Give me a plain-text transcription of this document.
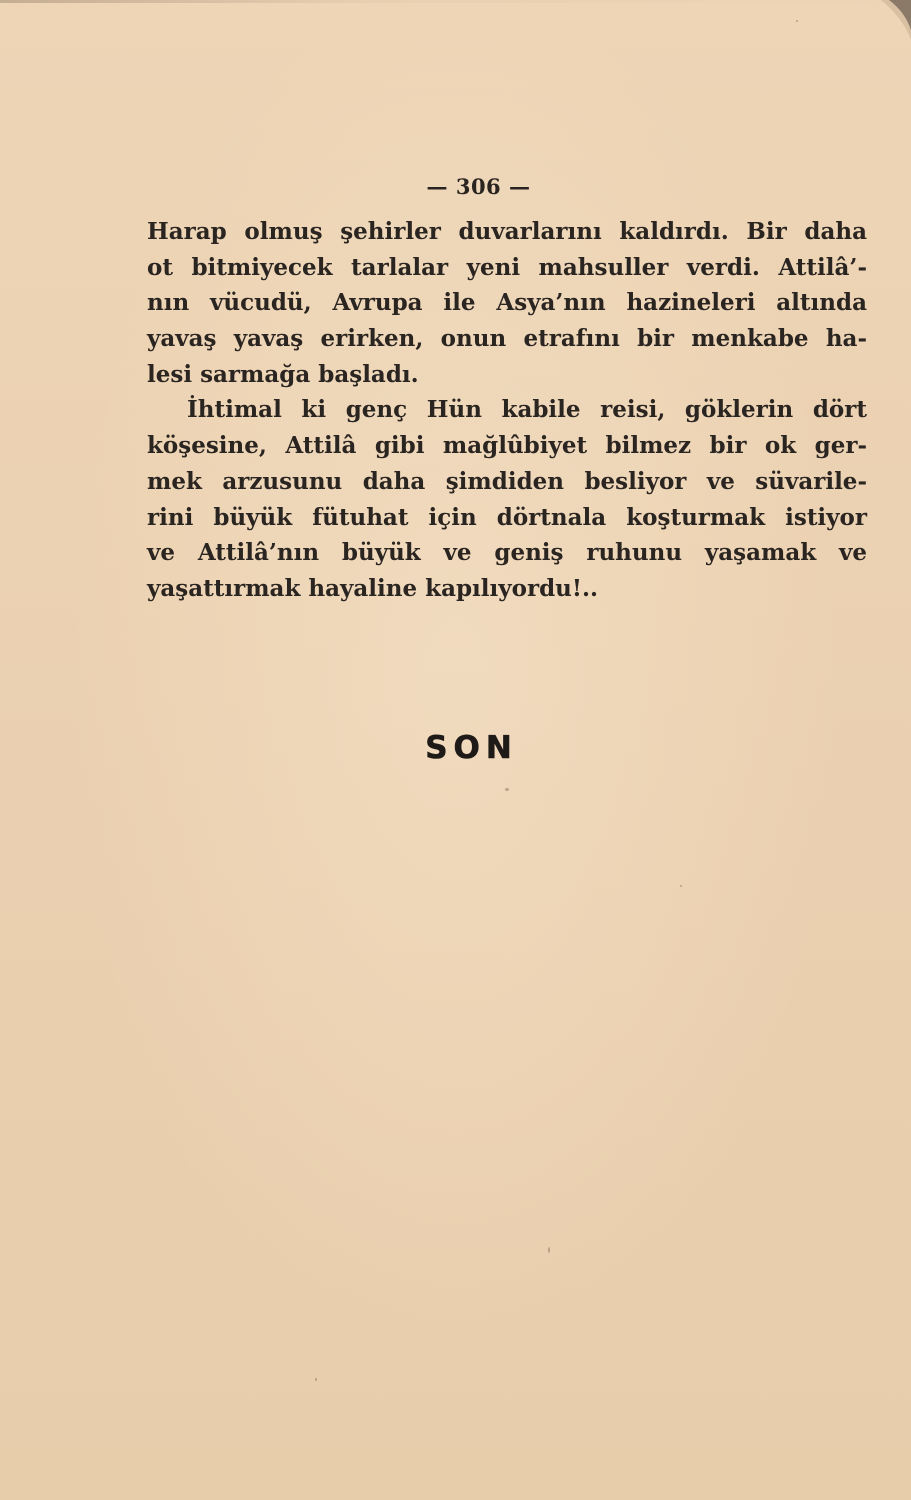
— 306 —
Harap olmuş şehirler duvarlarını kaldırdı. Bir daha
ot bitmiyecek tarlalar yeni mahsuller verdi. Attilâ’-
nın vücudü, Avrupa ile Asya’nın hazineleri altında
yavaş yavaş erirken, onun etrafını bir menkabe ha-
lesi sarmağa başladı.
İhtimal ki genç Hün kabile reisi, göklerin dört
köşesine, Attilâ gibi mağlûbiyet bilmez bir ok ger-
mek arzusunu daha şimdiden besliyor ve süvarile-
rini büyük fütuhat için dörtnala koşturmak istiyor
ve Attilâ’nın büyük ve geniş ruhunu yaşamak ve
yaşattırmak hayaline kapılıyordu!..
SON
